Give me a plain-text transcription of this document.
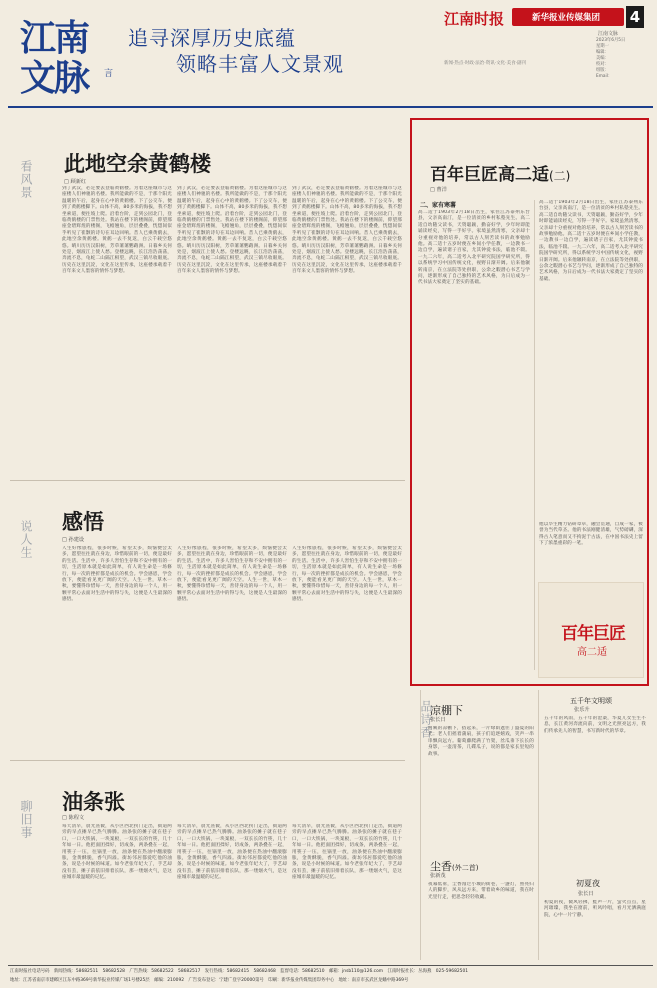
江南文脉	言
追寻深厚历史底蕴
领略丰富人文景观
江南时报	新华报业传媒集团 4
江南文脉
2023年6月5日
星期一
编辑：
美编：
校对：
组版：
Email：
新闻·热点·时政·法治·资讯·文化·美食·副刊
看风景 此地空余黄鹤楼
□ 顾新红
到了武汉，必定要去登临黄鹤楼。为着这座城市与这座楼人们神驰的名楼。我所能做的不是，于那个阳光温暖的午后，起身在心中的黄鹤楼。下了公交车，便到了黄鹤楼脚下。山体不高，80多米的海拔，我不想坐索道，便往坡上爬。沿着台阶，走到公园北门，登临黄鹤楼的门票售处。我站在楼下的楼阁前，仰望那座金碧辉煌的楼阁，飞檐翘角，层层叠叠，恍惚间似乎听见了崔颢的诗句在耳边回响。昔人已乘黄鹤去，此地空余黄鹤楼。黄鹤一去不复返，白云千载空悠悠。晴川历历汉阳树，芳草萋萋鹦鹉洲。日暮乡关何处是，烟波江上使人愁。登楼远眺，长江浩浩荡荡，奔流不息，龟蛇二山隔江相望，武汉三镇尽收眼底。历史在这里沉淀，文化在这里传承，这座楼承载着千百年来文人墨客的情怀与梦想。
到了武汉，必定要去登临黄鹤楼。为着这座城市与这座楼人们神驰的名楼。我所能做的不是，于那个阳光温暖的午后，起身在心中的黄鹤楼。下了公交车，便到了黄鹤楼脚下。山体不高，80多米的海拔，我不想坐索道，便往坡上爬。沿着台阶，走到公园北门，登临黄鹤楼的门票售处。我站在楼下的楼阁前，仰望那座金碧辉煌的楼阁，飞檐翘角，层层叠叠，恍惚间似乎听见了崔颢的诗句在耳边回响。昔人已乘黄鹤去，此地空余黄鹤楼。黄鹤一去不复返，白云千载空悠悠。晴川历历汉阳树，芳草萋萋鹦鹉洲。日暮乡关何处是，烟波江上使人愁。登楼远眺，长江浩浩荡荡，奔流不息，龟蛇二山隔江相望，武汉三镇尽收眼底。历史在这里沉淀，文化在这里传承，这座楼承载着千百年来文人墨客的情怀与梦想。
到了武汉，必定要去登临黄鹤楼。为着这座城市与这座楼人们神驰的名楼。我所能做的不是，于那个阳光温暖的午后，起身在心中的黄鹤楼。下了公交车，便到了黄鹤楼脚下。山体不高，80多米的海拔，我不想坐索道，便往坡上爬。沿着台阶，走到公园北门，登临黄鹤楼的门票售处。我站在楼下的楼阁前，仰望那座金碧辉煌的楼阁，飞檐翘角，层层叠叠，恍惚间似乎听见了崔颢的诗句在耳边回响。昔人已乘黄鹤去，此地空余黄鹤楼。黄鹤一去不复返，白云千载空悠悠。晴川历历汉阳树，芳草萋萋鹦鹉洲。日暮乡关何处是，烟波江上使人愁。登楼远眺，长江浩浩荡荡，奔流不息，龟蛇二山隔江相望，武汉三镇尽收眼底。历史在这里沉淀，文化在这里传承，这座楼承载着千百年来文人墨客的情怀与梦想。
说人生 感悟
□ 孙建设
人生好像旅程，很多时候，希望太多，烦恼便会太多，愿望往往就在身边，珍惜眼前的一切，便是最好的生活。生活中，许多人害怕生存和不安中拥有的一切，生活原本就是如此简单，有人说生命是一场修行，每一次的挫折都是成长的机会。学会感恩，学会放下，便能看见更广阔的天空。人生一世，草木一秋，要懂得珍惜每一天，善待身边的每一个人，用一颗平常心去面对生活中的得与失，这便是人生最深的感悟。
人生好像旅程，很多时候，希望太多，烦恼便会太多，愿望往往就在身边，珍惜眼前的一切，便是最好的生活。生活中，许多人害怕生存和不安中拥有的一切，生活原本就是如此简单，有人说生命是一场修行，每一次的挫折都是成长的机会。学会感恩，学会放下，便能看见更广阔的天空。人生一世，草木一秋，要懂得珍惜每一天，善待身边的每一个人，用一颗平常心去面对生活中的得与失，这便是人生最深的感悟。
人生好像旅程，很多时候，希望太多，烦恼便会太多，愿望往往就在身边，珍惜眼前的一切，便是最好的生活。生活中，许多人害怕生存和不安中拥有的一切，生活原本就是如此简单，有人说生命是一场修行，每一次的挫折都是成长的机会。学会感恩，学会放下，便能看见更广阔的天空。人生一世，草木一秋，要懂得珍惜每一天，善待身边的每一个人，用一颗平常心去面对生活中的得与失，这便是人生最深的感悟。
聊旧事 油条张
□ 陈程文
每天清早，晨光熹微，从小区西北拐门走出，街道两旁的早点摊早已热气腾腾。油条张的摊子就在巷子口，一口大铁锅，一块案板，一双长长的竹筷，几十年如一日。他把面团揉好，切成条，两条叠在一起，用筷子一压，往锅里一放，油条便在热油中翻滚膨胀，金黄酥脆，香气四溢。街坊邻居都爱吃他的油条，说是小时候的味道。如今老张年纪大了，手艺却没有丢，摊子前依旧排着长队，那一缕烟火气，是这座城市最温暖的记忆。
每天清早，晨光熹微，从小区西北拐门走出，街道两旁的早点摊早已热气腾腾。油条张的摊子就在巷子口，一口大铁锅，一块案板，一双长长的竹筷，几十年如一日。他把面团揉好，切成条，两条叠在一起，用筷子一压，往锅里一放，油条便在热油中翻滚膨胀，金黄酥脆，香气四溢。街坊邻居都爱吃他的油条，说是小时候的味道。如今老张年纪大了，手艺却没有丢，摊子前依旧排着长队，那一缕烟火气，是这座城市最温暖的记忆。
每天清早，晨光熹微，从小区西北拐门走出，街道两旁的早点摊早已热气腾腾。油条张的摊子就在巷子口，一口大铁锅，一块案板，一双长长的竹筷，几十年如一日。他把面团揉好，切成条，两条叠在一起，用筷子一压，往锅里一放，油条便在热油中翻滚膨胀，金黄酥脆，香气四溢。街坊邻居都爱吃他的油条，说是小时候的味道。如今老张年纪大了，手艺却没有丢，摊子前依旧排着长队，那一缕烟火气，是这座城市最温暖的记忆。
百年巨匠高二适(二)
□ 曹洋
二、家有寒薯
高二适于1903年2月18日出生，家住江苏泰州东台县，父亲高南汀，是一位清贫的乡村私塾先生。高二适自幼随父读书，天资聪颖，勤奋好学，少年时即能诵读经史，写得一手好字。家境虽然清寒，父亲却十分重视对他的培养，常以古人刻苦读书的故事勉励他。高二适十五岁时便在乡间小学任教，一边教书一边自学，遍读诸子百家，尤其钟爱书法，临池不辍。一九二六年，高二适考入北平研究院国学研究所，得以系统学习中国传统文化，视野日渐开阔。后来他辗转南京，在立法院等处供职，公余之暇潜心书艺与学问，逐渐形成了自己独特的艺术风格，为日后成为一代书法大家奠定了坚实的基础。
高二适于1903年2月18日出生，家住江苏泰州东台县，父亲高南汀，是一位清贫的乡村私塾先生。高二适自幼随父读书，天资聪颖，勤奋好学，少年时即能诵读经史，写得一手好字。家境虽然清寒，父亲却十分重视对他的培养，常以古人刻苦读书的故事勉励他。高二适十五岁时便在乡间小学任教，一边教书一边自学，遍读诸子百家，尤其钟爱书法，临池不辍。一九二六年，高二适考入北平研究院国学研究所，得以系统学习中国传统文化，视野日渐开阔。后来他辗转南京，在立法院等处供职，公余之暇潜心书艺与学问，逐渐形成了自己独特的艺术风格，为日后成为一代书法大家奠定了坚实的基础。
他以毕生精力钻研章草，融会贯通，自成一家，被誉为当代草圣。他的书法刚健清雄，气势磅礴，深得古人笔意而又不拘泥于古法，在中国书法史上留下了浓墨重彩的一笔。
百年巨匠
高二适
品诗香
凉棚下
张长日
阿姨的凉棚下，搭起来，一片绿荫遮住了盛夏的阳光；老人们摇着蒲扇，孩子们追逐嬉戏，笑声一串串飘向远方。葡萄藤爬满了竹架，丝瓜垂下长长的身影，一壶清茶，几碟瓜子，说的都是家长里短的故事。
尘香(外二首)
张新茂
夜幕低垂，尘香漫过小城的街巷，一盏灯，照亮归人的脚步，风从远方来，带着故乡的味道，我在时光里行走，把思念轻轻收藏。
五千年文明颂
张乐升
五千年的风雨，五千年的沧桑，华夏儿女生生不息，长江黄河奔流向前，文明之光照亮远方，我们传承先人的智慧，书写新时代的华章。
初夏夜
张长日
初夏的夜，微风轻拂，蛙声一片，萤火点点，星河璀璨，我坐在窗前，听风吟唱，看月光洒满庭院，心中一片宁静。
江南时报社电话号码　新闻热线：58682511　58682528　广告热线：58682522　58682517　发行热线：58682415　58682468　监督电话：58682510　邮箱：jnsb110@126.com　江南时报社长：丛海燕　025-59682501
地址：江苏省南京市建邺区江东中路369号新华报业传媒广场1号楼25层　邮编：210092　广告发布登记：宁建广登字20000第号　印刷：新华报业传媒集团印务中心　地址：南京市玄武区龙蟠中路369号
